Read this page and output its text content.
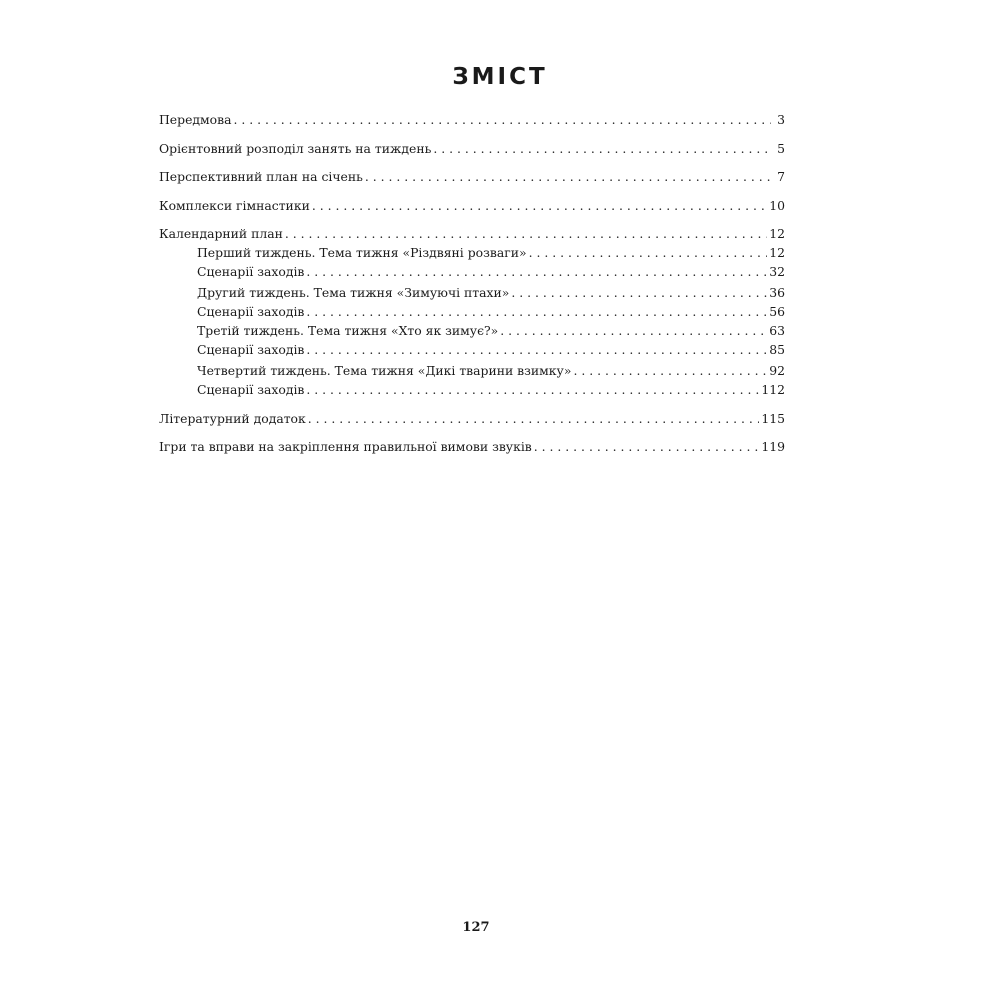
ЗМІСТ
Передмова . . .	3
Орієнтовний розподіл занять на тиждень . . .	5
Перспективний план на січень . . .	7
Комплекси гімнастики . . .	10
Календарний план . . .	12
Перший тиждень. Тема тижня «Різдвяні розваги» . . .	12
Сценарії заходів . . .	32
Другий тиждень. Тема тижня «Зимуючі птахи» . . .	36
Сценарії заходів . . .	56
Третій тиждень. Тема тижня «Хто як зимує?» . . .	63
Сценарії заходів . . .	85
Четвертий тиждень. Тема тижня «Дикі тварини взимку» . . .	92
Сценарії заходів . . .	112
Літературний додаток . . .	115
Ігри та вправи на закріплення правильної вимови звуків . . .	119
127
